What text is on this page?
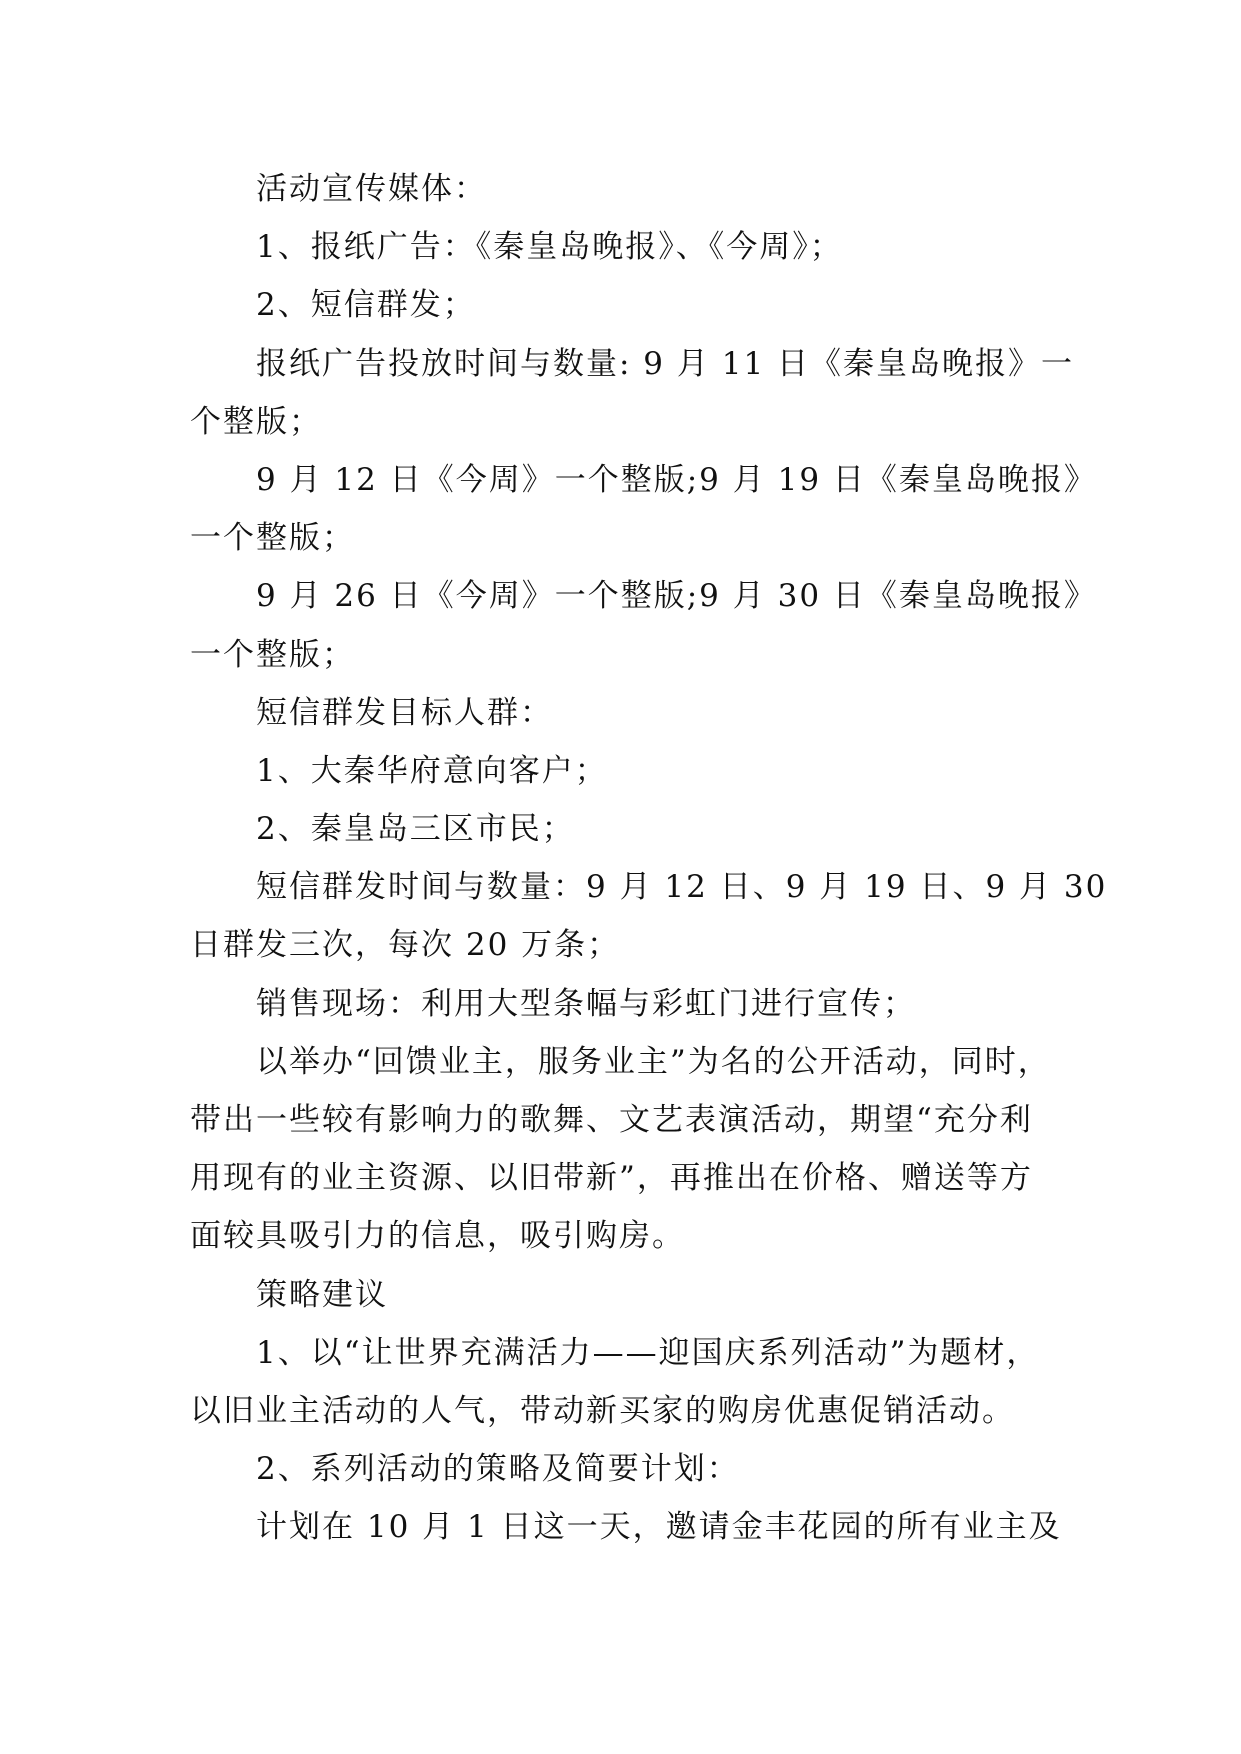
活动宣传媒体：
1、报纸广告：《秦皇岛晚报》、《今周》；
2、短信群发；
报纸广告投放时间与数量: 9 月 11 日《秦皇岛晚报》一
个整版；
9 月 12 日《今周》一个整版;9 月 19 日《秦皇岛晚报》
一个整版；
9 月 26 日《今周》一个整版;9 月 30 日《秦皇岛晚报》
一个整版；
短信群发目标人群：
1、大秦华府意向客户；
2、秦皇岛三区市民；
短信群发时间与数量：9 月 12 日、9 月 19 日、9 月 30
日群发三次，每次 20 万条；
销售现场：利用大型条幅与彩虹门进行宣传；
以举办“回馈业主，服务业主”为名的公开活动，同时，
带出一些较有影响力的歌舞、文艺表演活动，期望“充分利
用现有的业主资源、以旧带新”，再推出在价格、赠送等方
面较具吸引力的信息，吸引购房。
策略建议
1、以“让世界充满活力——迎国庆系列活动”为题材，
以旧业主活动的人气，带动新买家的购房优惠促销活动。
2、系列活动的策略及简要计划：
计划在 10 月 1 日这一天，邀请金丰花园的所有业主及
